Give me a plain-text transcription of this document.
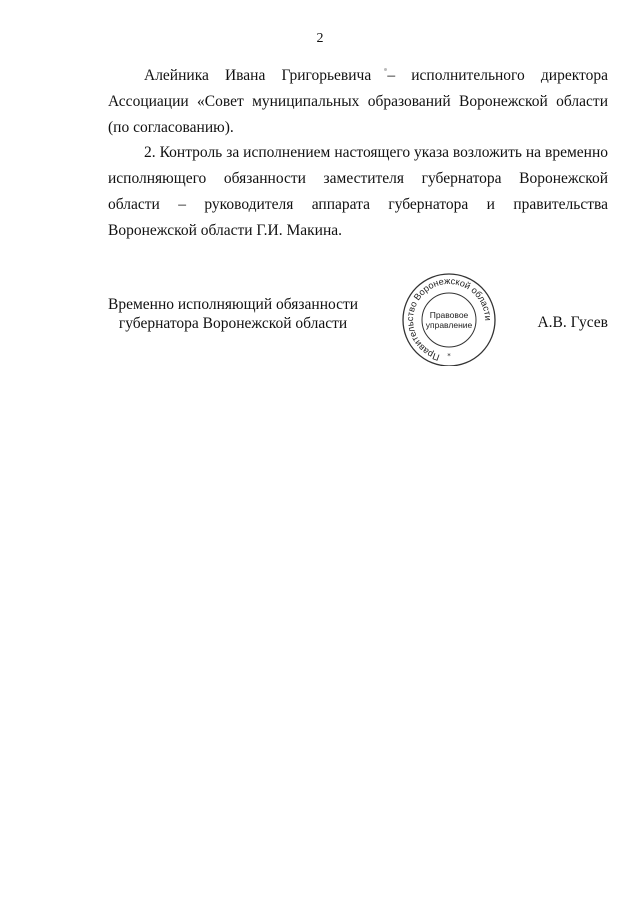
2

Алейника Ивана Григорьевича – исполнительного директора Ассоциации «Совет муниципальных образований Воронежской области (по согласованию).

2. Контроль за исполнением настоящего указа возложить на временно исполняющего обязанности заместителя губернатора Воронежской области – руководителя аппарата губернатора и правительства Воронежской области Г.И. Макина.

Временно исполняющий обязанности
губернатора Воронежской области
Правительство Воронежской области
Правовое
управление
*
А.В. Гусев
